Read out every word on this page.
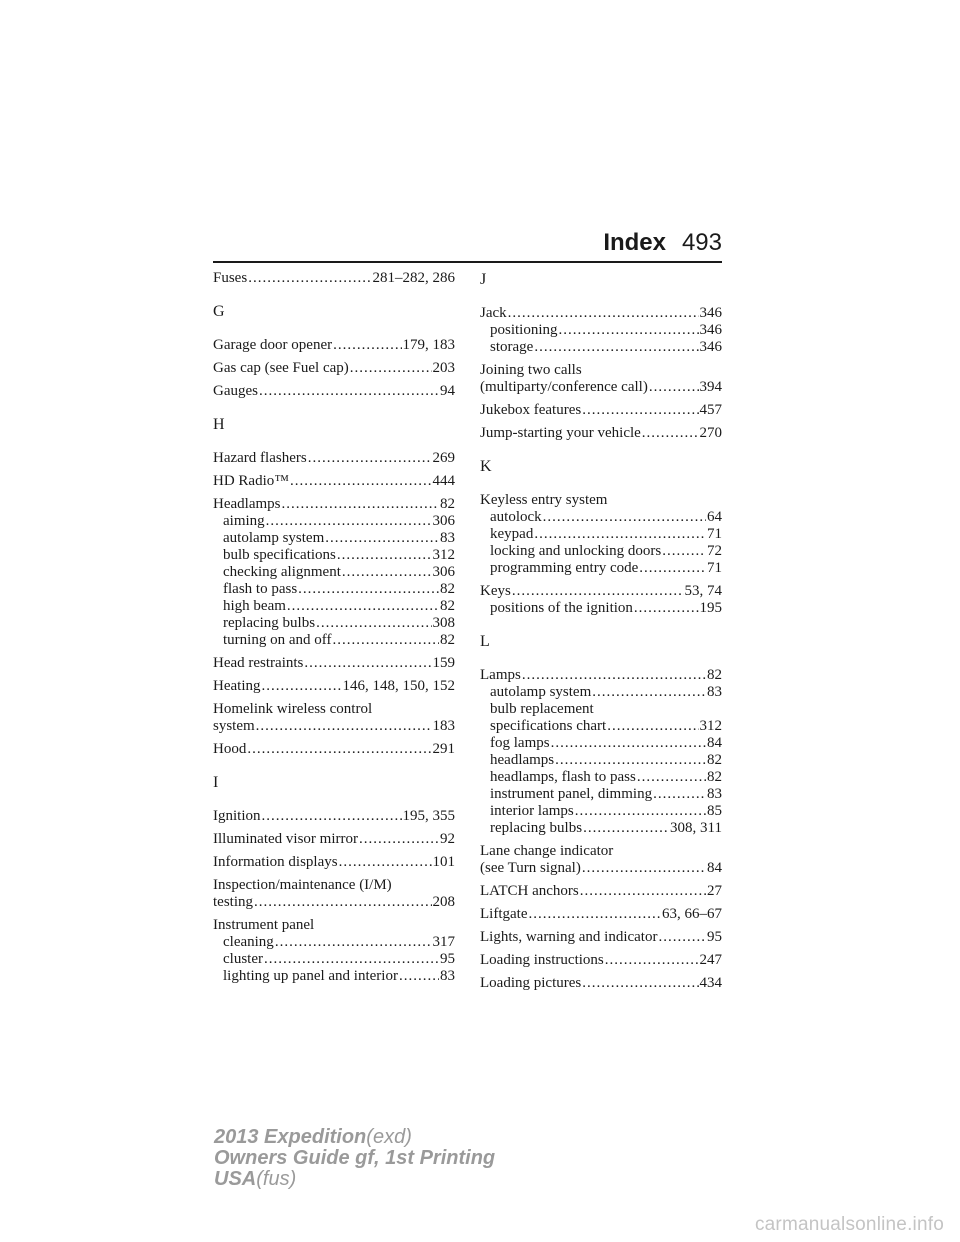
Index 493
Fuses .....	281–282, 286
G
Garage door opener .....	179, 183
Gas cap (see Fuel cap) .....	203
Gauges .....	94
H
Hazard flashers .....	269
HD Radio™ .....	444
Headlamps .....	82
aiming .....	306
autolamp system .....	83
bulb specifications .....	312
checking alignment .....	306
flash to pass .....	82
high beam .....	82
replacing bulbs .....	308
turning on and off .....	82
Head restraints .....	159
Heating .....	146, 148, 150, 152
Homelink wireless control
system .....	183
Hood .....	291
I
Ignition .....	195, 355
Illuminated visor mirror .....	92
Information displays .....	101
Inspection/maintenance (I/M)
testing .....	208
Instrument panel
cleaning .....	317
cluster .....	95
lighting up panel and interior .....	83
J
Jack .....	346
positioning .....	346
storage .....	346
Joining two calls
(multiparty/conference call) .....	394
Jukebox features .....	457
Jump-starting your vehicle .....	270
K
Keyless entry system
autolock .....	64
keypad .....	71
locking and unlocking doors .....	72
programming entry code .....	71
Keys .....	53, 74
positions of the ignition .....	195
L
Lamps .....	82
autolamp system .....	83
bulb replacement
specifications chart .....	312
fog lamps .....	84
headlamps .....	82
headlamps, flash to pass .....	82
instrument panel, dimming .....	83
interior lamps .....	85
replacing bulbs .....	308, 311
Lane change indicator
(see Turn signal) .....	84
LATCH anchors .....	27
Liftgate .....	63, 66–67
Lights, warning and indicator .....	95
Loading instructions .....	247
Loading pictures .....	434
2013 Expedition(exd)
Owners Guide gf, 1st Printing
USA(fus)
carmanualsonline.info
